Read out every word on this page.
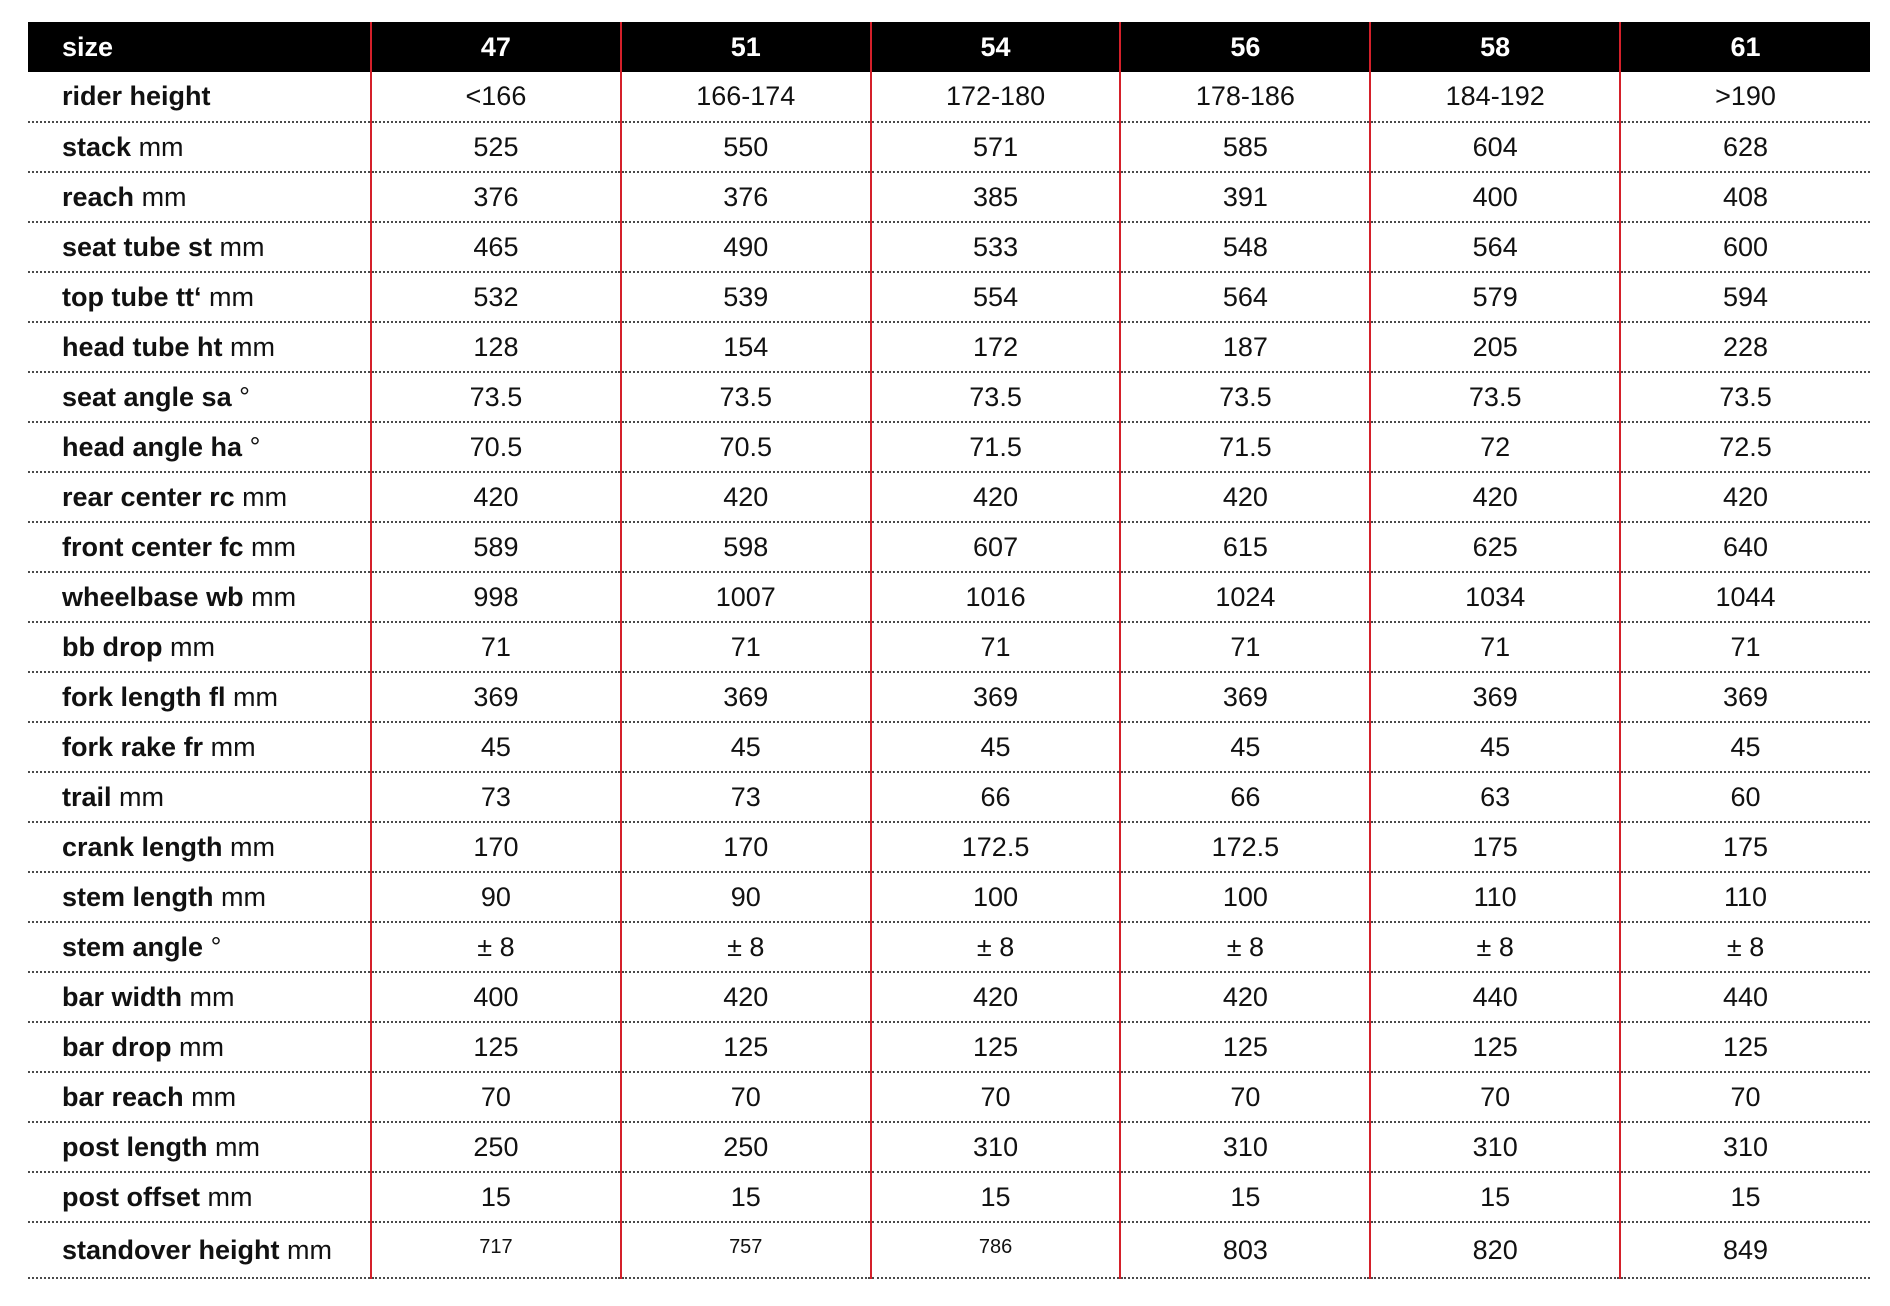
size	47	51	54	56	58	61
rider height	<166	166-174	172-180	178-186	184-192	>190
stack mm	525	550	571	585	604	628
reach mm	376	376	385	391	400	408
seat tube st mm	465	490	533	548	564	600
top tube tt‘ mm	532	539	554	564	579	594
head tube ht mm	128	154	172	187	205	228
seat angle sa °	73.5	73.5	73.5	73.5	73.5	73.5
head angle ha °	70.5	70.5	71.5	71.5	72	72.5
rear center rc mm	420	420	420	420	420	420
front center fc mm	589	598	607	615	625	640
wheelbase wb mm	998	1007	1016	1024	1034	1044
bb drop mm	71	71	71	71	71	71
fork length fl mm	369	369	369	369	369	369
fork rake fr mm	45	45	45	45	45	45
trail mm	73	73	66	66	63	60
crank length mm	170	170	172.5	172.5	175	175
stem length mm	90	90	100	100	110	110
stem angle °	± 8	± 8	± 8	± 8	± 8	± 8
bar width mm	400	420	420	420	440	440
bar drop mm	125	125	125	125	125	125
bar reach mm	70	70	70	70	70	70
post length mm	250	250	310	310	310	310
post offset mm	15	15	15	15	15	15
standover height mm	717	757	786	803	820	849
